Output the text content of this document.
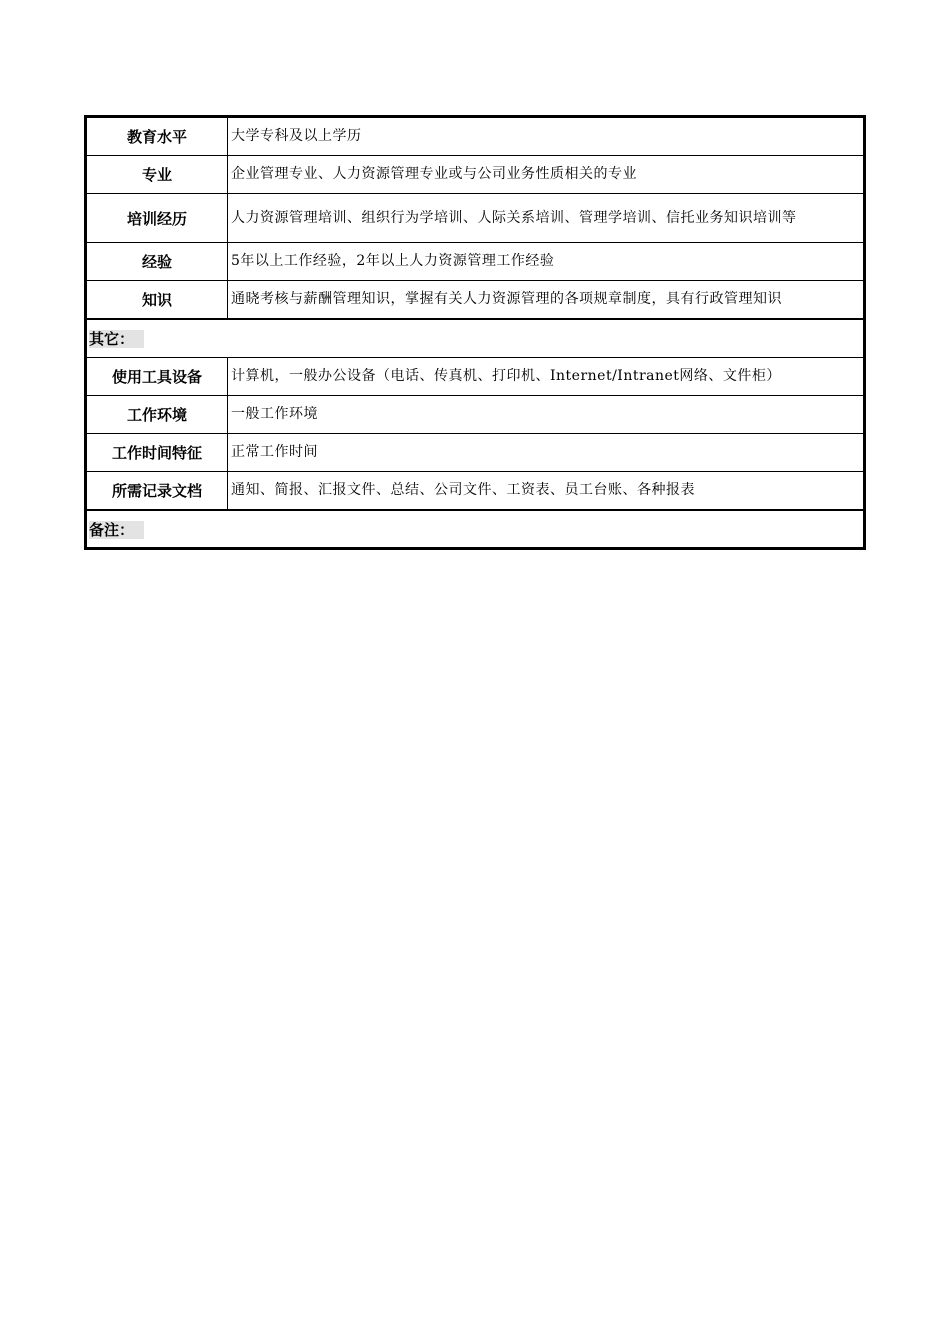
教育水平	大学专科及以上学历
专业	企业管理专业、人力资源管理专业或与公司业务性质相关的专业
培训经历	人力资源管理培训、组织行为学培训、人际关系培训、管理学培训、信托业务知识培训等
经验	5年以上工作经验，2年以上人力资源管理工作经验
知识	通晓考核与薪酬管理知识，掌握有关人力资源管理的各项规章制度，具有行政管理知识
其它：	
使用工具设备	计算机，一般办公设备（电话、传真机、打印机、Internet/Intranet网络、文件柜）
工作环境	一般工作环境
工作时间特征	正常工作时间
所需记录文档	通知、简报、汇报文件、总结、公司文件、工资表、员工台账、各种报表
备注：	
